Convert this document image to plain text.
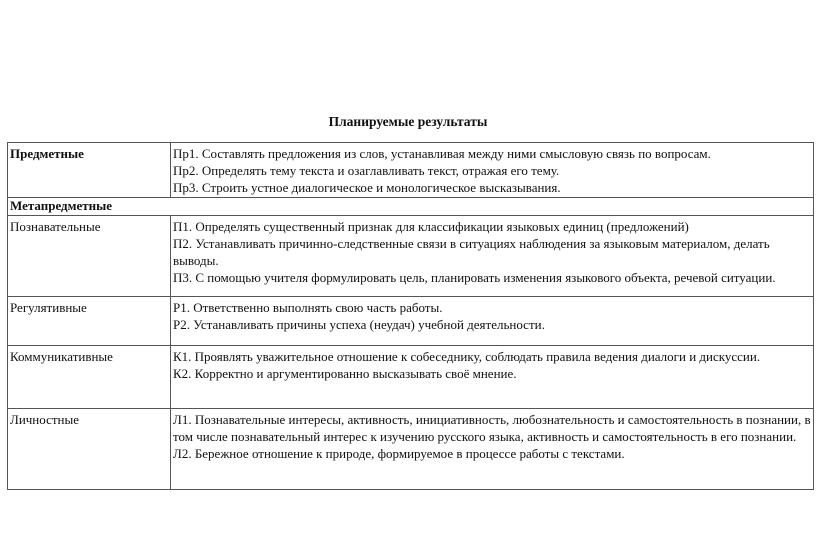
Планируемые результаты
Предметные	Пр1. Составлять предложения из слов, устанавливая между ними смысловую связь по вопросам.
Пр2. Определять тему текста и озаглавливать текст, отражая его тему.
Пр3. Строить устное диалогическое и монологическое высказывания.

Метапредметные	
Познавательные	П1. Определять существенный признак для классификации языковых единиц (предложений)
П2. Устанавливать причинно-следственные связи в ситуациях наблюдения за языковым материалом, делать выводы.
П3. С помощью учителя формулировать цель, планировать изменения языкового объекта, речевой ситуации.

Регулятивные	Р1. Ответственно выполнять свою часть работы.
Р2. Устанавливать причины успеха (неудач) учебной деятельности.

Коммуникативные	К1. Проявлять уважительное отношение к собеседнику, соблюдать правила ведения диалоги и дискуссии.
К2. Корректно и аргументированно высказывать своё мнение.

Личностные	Л1. Познавательные интересы, активность, инициативность, любознательность и самостоятельность в познании, в том числе познавательный интерес к изучению русского языка, активность и самостоятельность в его познании.
Л2. Бережное отношение к природе, формируемое в процессе работы с текстами.
